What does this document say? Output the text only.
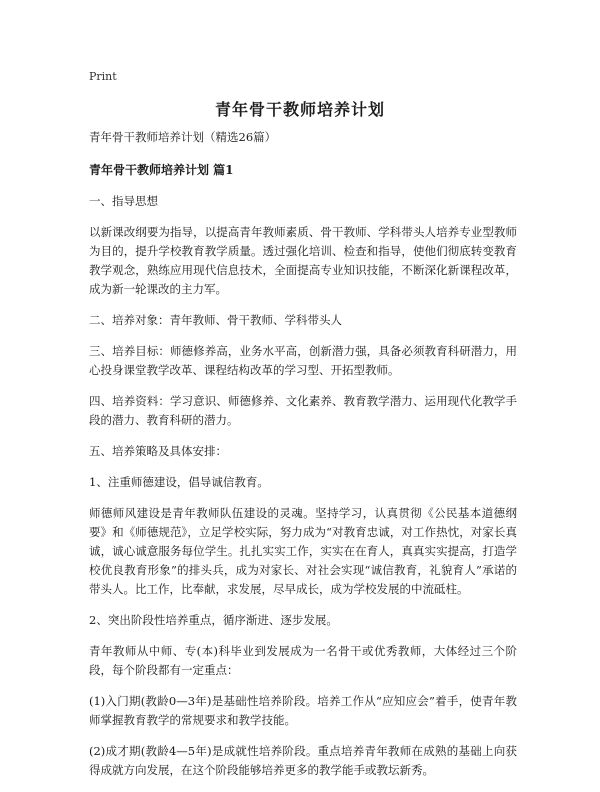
Print
青年骨干教师培养计划

青年骨干教师培养计划（精选26篇）

青年骨干教师培养计划 篇1

一、指导思想

以新课改纲要为指导，以提高青年教师素质、骨干教师、学科带头人培养专业型教师为目的，提升学校教育教学质量。透过强化培训、检查和指导，使他们彻底转变教育教学观念，熟练应用现代信息技术，全面提高专业知识技能，不断深化新课程改革，成为新一轮课改的主力军。

二、培养对象：青年教师、骨干教师、学科带头人

三、培养目标：师德修养高，业务水平高，创新潜力强，具备必须教育科研潜力，用心投身课堂教学改革、课程结构改革的学习型、开拓型教师。

四、培养资料：学习意识、师德修养、文化素养、教育教学潜力、运用现代化教学手段的潜力、教育科研的潜力。

五、培养策略及具体安排：

1、注重师德建设，倡导诚信教育。

师德师风建设是青年教师队伍建设的灵魂。坚持学习，认真贯彻《公民基本道德纲要》和《师德规范》，立足学校实际，努力成为“对教育忠诚，对工作热忱，对家长真诚，诚心诚意服务每位学生。扎扎实实工作，实实在在育人，真真实实提高，打造学校优良教育形象”的排头兵，成为对家长、对社会实现“诚信教育，礼貌育人”承诺的带头人。比工作，比奉献，求发展，尽早成长，成为学校发展的中流砥柱。

2、突出阶段性培养重点，循序渐进、逐步发展。

青年教师从中师、专(本)科毕业到发展成为一名骨干或优秀教师，大体经过三个阶段，每个阶段都有一定重点：

(1)入门期(教龄0—3年)是基础性培养阶段。培养工作从“应知应会”着手，使青年教师掌握教育教学的常规要求和教学技能。

(2)成才期(教龄4—5年)是成就性培养阶段。重点培养青年教师在成熟的基础上向获得成就方向发展，在这个阶段能够培养更多的教学能手或教坛新秀。
